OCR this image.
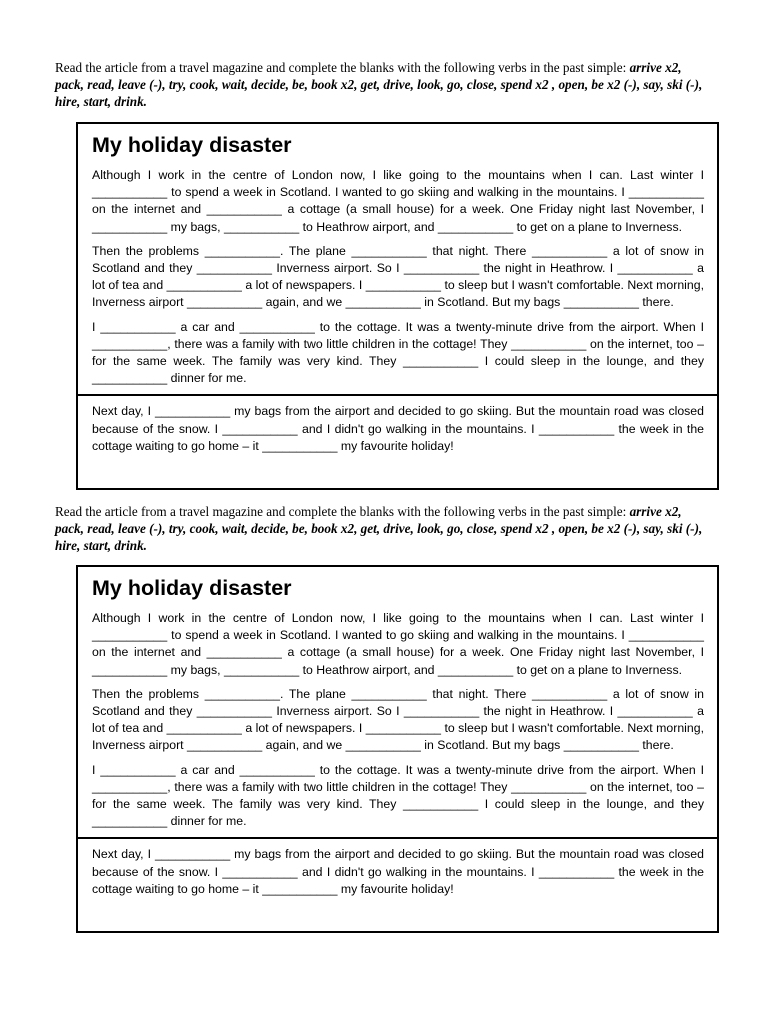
Read the article from a travel magazine and complete the blanks with the following verbs in the past simple: arrive x2, pack, read, leave (-), try, cook, wait, decide, be, book x2, get, drive, look, go, close, spend x2 , open, be x2 (-), say, ski (-), hire, start, drink.
My holiday disaster

Although I work in the centre of London now, I like going to the mountains when I can. Last winter I ___________ to spend a week in Scotland. I wanted to go skiing and walking in the mountains. I ___________ on the internet and ___________ a cottage (a small house) for a week. One Friday night last November, I ___________ my bags, ___________ to Heathrow airport, and ___________ to get on a plane to Inverness.

Then the problems ___________. The plane ___________ that night. There ___________ a lot of snow in Scotland and they ___________ Inverness airport. So I ___________ the night in Heathrow. I ___________ a lot of tea and ___________ a lot of newspapers. I ___________ to sleep but I wasn't comfortable. Next morning, Inverness airport ___________ again, and we ___________ in Scotland. But my bags ___________ there.

I ___________ a car and ___________ to the cottage. It was a twenty-minute drive from the airport. When I ___________, there was a family with two little children in the cottage! They ___________ on the internet, too – for the same week. The family was very kind. They ___________ I could sleep in the lounge, and they ___________ dinner for me.

Next day, I ___________ my bags from the airport and decided to go skiing. But the mountain road was closed because of the snow. I ___________ and I didn't go walking in the mountains. I ___________ the week in the cottage waiting to go home – it ___________ my favourite holiday!

Read the article from a travel magazine and complete the blanks with the following verbs in the past simple: arrive x2, pack, read, leave (-), try, cook, wait, decide, be, book x2, get, drive, look, go, close, spend x2 , open, be x2 (-), say, ski (-), hire, start, drink.
My holiday disaster

Although I work in the centre of London now, I like going to the mountains when I can. Last winter I ___________ to spend a week in Scotland. I wanted to go skiing and walking in the mountains. I ___________ on the internet and ___________ a cottage (a small house) for a week. One Friday night last November, I ___________ my bags, ___________ to Heathrow airport, and ___________ to get on a plane to Inverness.

Then the problems ___________. The plane ___________ that night. There ___________ a lot of snow in Scotland and they ___________ Inverness airport. So I ___________ the night in Heathrow. I ___________ a lot of tea and ___________ a lot of newspapers. I ___________ to sleep but I wasn't comfortable. Next morning, Inverness airport ___________ again, and we ___________ in Scotland. But my bags ___________ there.

I ___________ a car and ___________ to the cottage. It was a twenty-minute drive from the airport. When I ___________, there was a family with two little children in the cottage! They ___________ on the internet, too – for the same week. The family was very kind. They ___________ I could sleep in the lounge, and they ___________ dinner for me.

Next day, I ___________ my bags from the airport and decided to go skiing. But the mountain road was closed because of the snow. I ___________ and I didn't go walking in the mountains. I ___________ the week in the cottage waiting to go home – it ___________ my favourite holiday!
